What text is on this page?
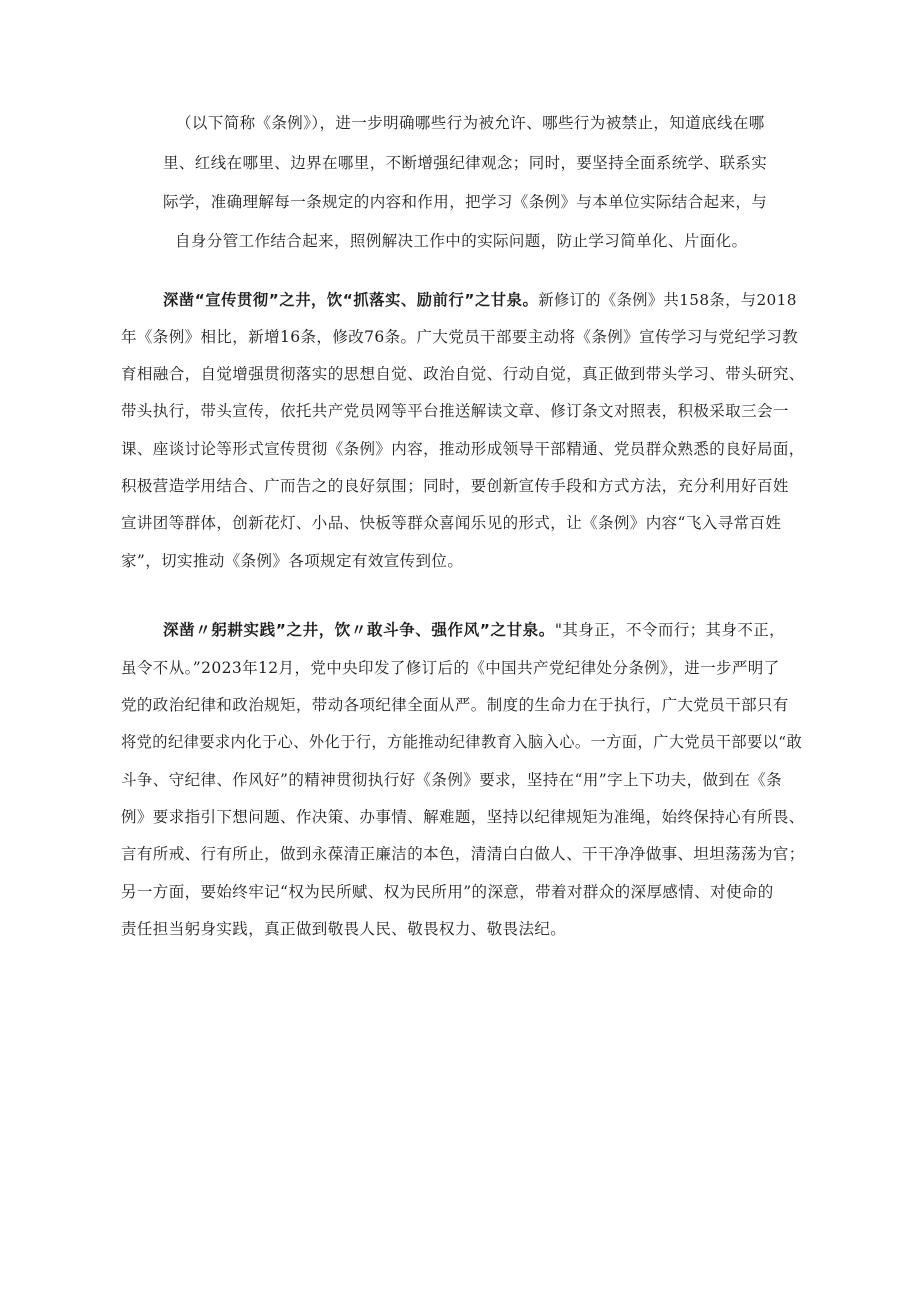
（以下简称《条例》），进一步明确哪些行为被允许、哪些行为被禁止，知道底线在哪
里、红线在哪里、边界在哪里，不断增强纪律观念；同时，要坚持全面系统学、联系实
际学，准确理解每一条规定的内容和作用，把学习《条例》与本单位实际结合起来，与
自身分管工作结合起来，照例解决工作中的实际问题，防止学习简单化、片面化。
深凿“宣传贯彻”之井，饮“抓落实、励前行”之甘泉。新修订的《条例》共158条，与2018
年《条例》相比，新增16条，修改76条。广大党员干部要主动将《条例》宣传学习与党纪学习教
育相融合，自觉增强贯彻落实的思想自觉、政治自觉、行动自觉，真正做到带头学习、带头研究、
带头执行，带头宣传，依托共产党员网等平台推送解读文章、修订条文对照表，积极采取三会一
课、座谈讨论等形式宣传贯彻《条例》内容，推动形成领导干部精通、党员群众熟悉的良好局面，
积极营造学用结合、广而告之的良好氛围；同时，要创新宣传手段和方式方法，充分利用好百姓
宣讲团等群体，创新花灯、小品、快板等群众喜闻乐见的形式，让《条例》内容“飞入寻常百姓
家”，切实推动《条例》各项规定有效宣传到位。
深凿〃躬耕实践”之井，饮〃敢斗争、强作风”之甘泉。"其身正，不令而行；其身不正，
虽令不从。”2023年12月，党中央印发了修订后的《中国共产党纪律处分条例》，进一步严明了
党的政治纪律和政治规矩，带动各项纪律全面从严。制度的生命力在于执行，广大党员干部只有
将党的纪律要求内化于心、外化于行，方能推动纪律教育入脑入心。一方面，广大党员干部要以“敢
斗争、守纪律、作风好”的精神贯彻执行好《条例》要求，坚持在“用”字上下功夫，做到在《条
例》要求指引下想问题、作决策、办事情、解难题，坚持以纪律规矩为准绳，始终保持心有所畏、
言有所戒、行有所止，做到永葆清正廉洁的本色，清清白白做人、干干净净做事、坦坦荡荡为官；
另一方面，要始终牢记“权为民所赋、权为民所用”的深意，带着对群众的深厚感情、对使命的
责任担当躬身实践，真正做到敬畏人民、敬畏权力、敬畏法纪。
